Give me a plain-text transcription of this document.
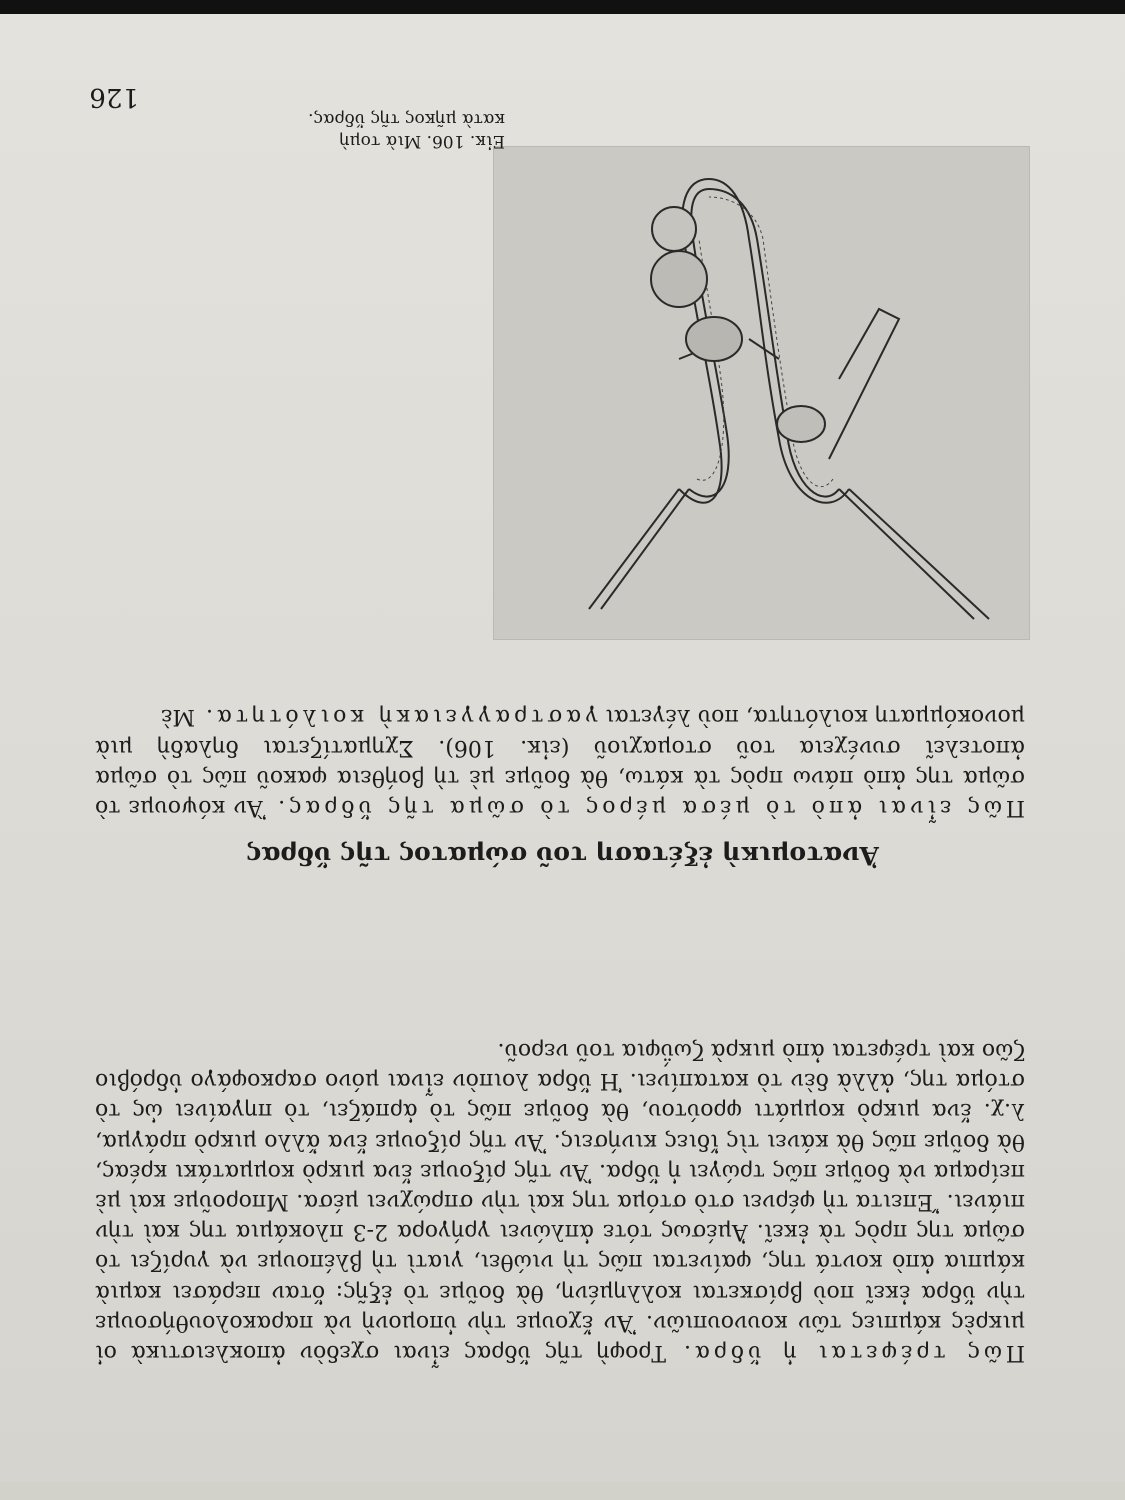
126
Πῶς τρέφεται ἡ ὕδρα. Τροφὴ τῆς ὕδρας εἶναι σχεδὸν ἀποκλειστικὰ οἱ μικρὲς κάμπιες τῶν κουνουπιῶν. Ἂν ἔχουμε τὴν ὑπομονὴ νὰ παρακολουθήσουμε τὴν ὕδρα ἐκεῖ ποὺ βρίσκεται κολλημένη, θὰ δοῦμε τὸ ἑξῆς: ὅταν περάσει καμιὰ κάμπια ἀπὸ κοντά της, φαίνεται πῶς τὴ νιώθει, γιατὶ τὴ βλέπουμε νὰ γυρίζει τὸ σῶμα της πρὸς τὰ ἐκεῖ. Ἀμέσως τότε ἁπλώνει γρήγορα 2-3 πλοκάμια της καὶ τὴν πιάνει. Ἔπειτα τὴ φέρνει στὸ στόμα της καὶ τὴν σπρώχνει μέσα. Μποροῦμε καὶ μὲ πείραμα νὰ δοῦμε πῶς τρώγει ἡ ὕδρα. Ἂν τῆς ρίξουμε ἕνα μικρὸ κομματάκι κρέας, θὰ δοῦμε πῶς θὰ κάνει τὶς ἴδιες κινήσεις. Ἂν τῆς ρίξουμε ἕνα ἄλλο μικρὸ πράγμα, λ.χ. ἕνα μικρὸ κομμάτι φρούτου, θὰ δοῦμε πῶς τὸ ἁρπάζει, τὸ πηγαίνει ὡς τὸ στόμα της, ἀλλὰ δὲν τὸ καταπίνει. Ἡ ὕδρα λοιπὸν εἶναι μόνο σαρκοφάγο ὑδρόβιο ζῶο καὶ τρέφεται ἀπὸ μικρὰ ζωΰφια τοῦ νεροῦ.
Ἀνατομικὴ ἐξέταση τοῦ σώματος τῆς ὕδρας
Πῶς εἶναι ἀπὸ τὸ μέσα μέρος τὸ σῶμα τῆς ὕδρας. Ἂν κόψουμε τὸ σῶμα της ἀπὸ πάνω πρὸς τὰ κάτω, θὰ δοῦμε μὲ τὴ βοήθεια φακοῦ πῶς τὸ σῶμα ἀποτελεῖ συνέχεια τοῦ στομαχιοῦ (εἰκ. 106). Σχηματίζεται δηλαδὴ μιὰ μονοκόμματη κοιλότητα, ποὺ λέγεται γαστραγγειακὴ κοιλότητα. Μὲ
Εἰκ. 106. Μιὰ τομὴ κατὰ μῆκος τῆς ὕδρας.
